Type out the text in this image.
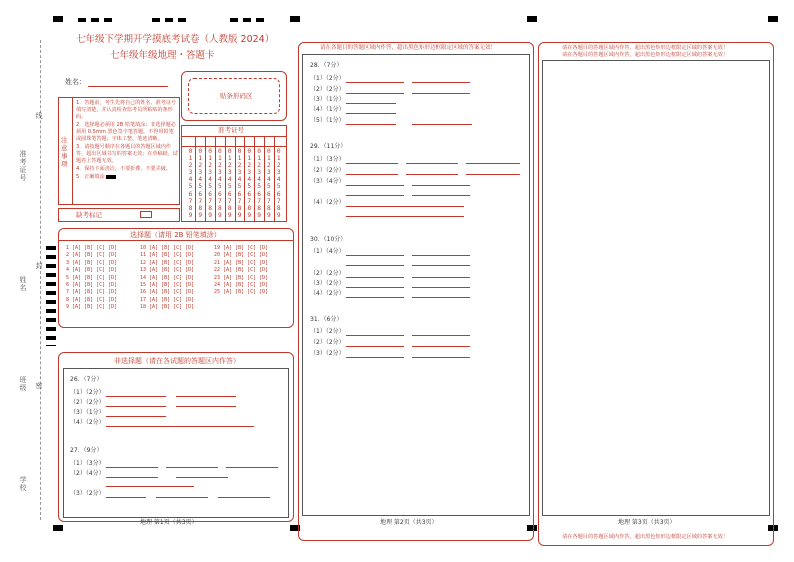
线
准考证号
封
姓名
班级 密
学校
七年级下学期开学摸底考试卷（人教版 2024）
七年级年级地理・答题卡
姓名：
贴条形码区
注意事项
1．答题前，考生先将自己的姓名、准考证号填写清楚，并认真检查监考员所粘贴的条形码。
2．选择题必须用 2B 铅笔填涂；非选择题必须用 0.5mm 黑色签字笔答题，不得用铅笔或圆珠笔答题；字体工整、笔迹清晰。
3．请按题号顺序在各题目的答题区域内作答，超出区域书写的答案无效；在草稿纸、试题卷上答题无效。
4．保持卡面清洁，不要折叠、不要弄破。
5．正确填涂
缺考标记
准考证号
0
1
2
3
4
5
6
7
8
9
0
1
2
3
4
5
6
7
8
9
0
1
2
3
4
5
6
7
8
9
0
1
2
3
4
5
6
7
8
9
0
1
2
3
4
5
6
7
8
9
0
1
2
3
4
5
6
7
8
9
0
1
2
3
4
5
6
7
8
9
0
1
2
3
4
5
6
7
8
9
0
1
2
3
4
5
6
7
8
9
0
1
2
3
4
5
6
7
8
9
选择题（请用 2B 铅笔填涂）
1 [A] [B] [C] [D]
2 [A] [B] [C] [D]
3 [A] [B] [C] [D]
4 [A] [B] [C] [D]
5 [A] [B] [C] [D]
6 [A] [B] [C] [D]
7 [A] [B] [C] [D]
8 [A] [B] [C] [D]
9 [A] [B] [C] [D]
10 [A] [B] [C] [D]
11 [A] [B] [C] [D]
12 [A] [B] [C] [D]
13 [A] [B] [C] [D]
14 [A] [B] [C] [D]
15 [A] [B] [C] [D]
16 [A] [B] [C] [D]
17 [A] [B] [C] [D]
18 [A] [B] [C] [D]
19 [A] [B] [C] [D]
20 [A] [B] [C] [D]
21 [A] [B] [C] [D]
22 [A] [B] [C] [D]
23 [A] [B] [C] [D]
24 [A] [B] [C] [D]
25 [A] [B] [C] [D]
非选择题（请在各试题的答题区内作答）
26．（7分）
（1）（2分）
（2）（2分）
（3）（1分）
（4）（2分）
27．（9分）
（1）（3分）
（2）（4分）
（3）（2分）
地理 第1页（共3页）
请在各题目的答题区域内作答，超出黑色矩形边框限定区域的答案无效！
28．（7分）
（1）（2分）
（2）（2分）
（3）（1分）
（4）（1分）
（5）（1分）
29．（11分）
（1）（3分）
（2）（2分）
（3）（4分）
（4）（2分）
30．（10分）
（1）（4分）
（2）（2分）
（3）（2分）
（4）（2分）
31．（6分）
（1）（2分）
（2）（2分）
（3）（2分）
地理 第2页（共3页）
请在各题目的答题区域内作答，超出黑色矩形边框限定区域的答案无效！
请在各题目的答题区域内作答，超出黑色矩形边框限定区域的答案无效！
地理 第3页（共3页）
请在各题目的答题区域内作答，超出黑色矩形边框限定区域的答案无效！
